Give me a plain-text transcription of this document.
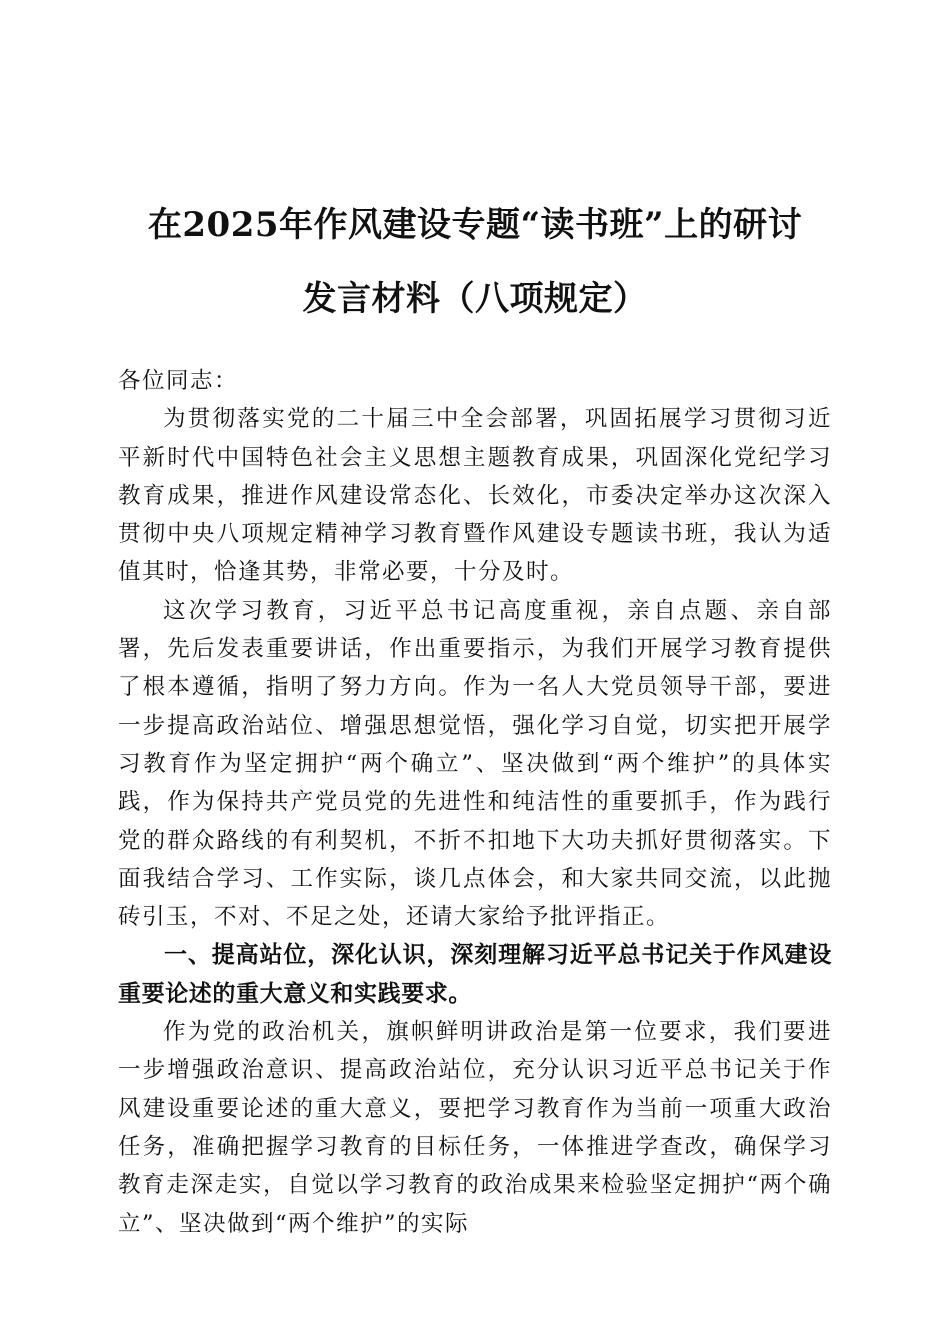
在2025年作风建设专题“读书班”上的研讨
发言材料（八项规定）

各位同志：

为贯彻落实党的二十届三中全会部署，巩固拓展学习贯彻习近平新时代中国特色社会主义思想主题教育成果，巩固深化党纪学习教育成果，推进作风建设常态化、长效化，市委决定举办这次深入贯彻中央八项规定精神学习教育暨作风建设专题读书班，我认为适值其时，恰逢其势，非常必要，十分及时。

这次学习教育，习近平总书记高度重视，亲自点题、亲自部署，先后发表重要讲话，作出重要指示，为我们开展学习教育提供了根本遵循，指明了努力方向。作为一名人大党员领导干部，要进一步提高政治站位、增强思想觉悟，强化学习自觉，切实把开展学习教育作为坚定拥护“两个确立”、坚决做到“两个维护”的具体实践，作为保持共产党员党的先进性和纯洁性的重要抓手，作为践行党的群众路线的有利契机，不折不扣地下大功夫抓好贯彻落实。下面我结合学习、工作实际，谈几点体会，和大家共同交流，以此抛砖引玉，不对、不足之处，还请大家给予批评指正。

一、提高站位，深化认识，深刻理解习近平总书记关于作风建设重要论述的重大意义和实践要求。

作为党的政治机关，旗帜鲜明讲政治是第一位要求，我们要进一步增强政治意识、提高政治站位，充分认识习近平总书记关于作风建设重要论述的重大意义，要把学习教育作为当前一项重大政治任务，准确把握学习教育的目标任务，一体推进学查改，确保学习教育走深走实，自觉以学习教育的政治成果来检验坚定拥护“两个确立”、坚决做到“两个维护”的实际
